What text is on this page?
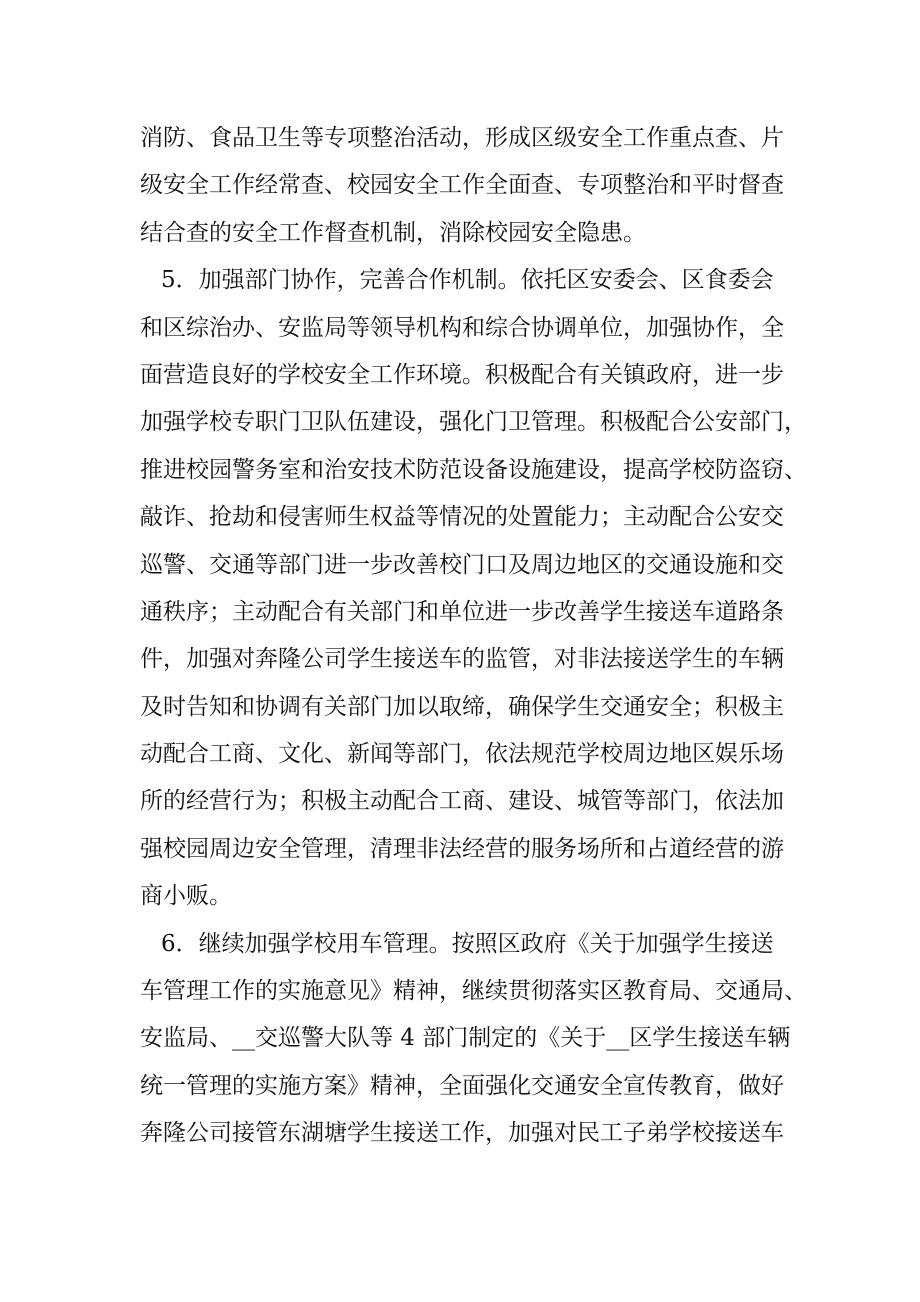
消防、食品卫生等专项整治活动，形成区级安全工作重点查、片
级安全工作经常查、校园安全工作全面查、专项整治和平时督查
结合查的安全工作督查机制，消除校园安全隐患。
5．加强部门协作，完善合作机制。依托区安委会、区食委会
和区综治办、安监局等领导机构和综合协调单位，加强协作，全
面营造良好的学校安全工作环境。积极配合有关镇政府，进一步
加强学校专职门卫队伍建设，强化门卫管理。积极配合公安部门，
推进校园警务室和治安技术防范设备设施建设，提高学校防盗窃、
敲诈、抢劫和侵害师生权益等情况的处置能力；主动配合公安交
巡警、交通等部门进一步改善校门口及周边地区的交通设施和交
通秩序；主动配合有关部门和单位进一步改善学生接送车道路条
件，加强对奔隆公司学生接送车的监管，对非法接送学生的车辆
及时告知和协调有关部门加以取缔，确保学生交通安全；积极主
动配合工商、文化、新闻等部门，依法规范学校周边地区娱乐场
所的经营行为；积极主动配合工商、建设、城管等部门，依法加
强校园周边安全管理，清理非法经营的服务场所和占道经营的游
商小贩。
6．继续加强学校用车管理。按照区政府《关于加强学生接送
车管理工作的实施意见》精神，继续贯彻落实区教育局、交通局、
安监局、__交巡警大队等 4 部门制定的《关于__区学生接送车辆
统一管理的实施方案》精神，全面强化交通安全宣传教育，做好
奔隆公司接管东湖塘学生接送工作，加强对民工子弟学校接送车
